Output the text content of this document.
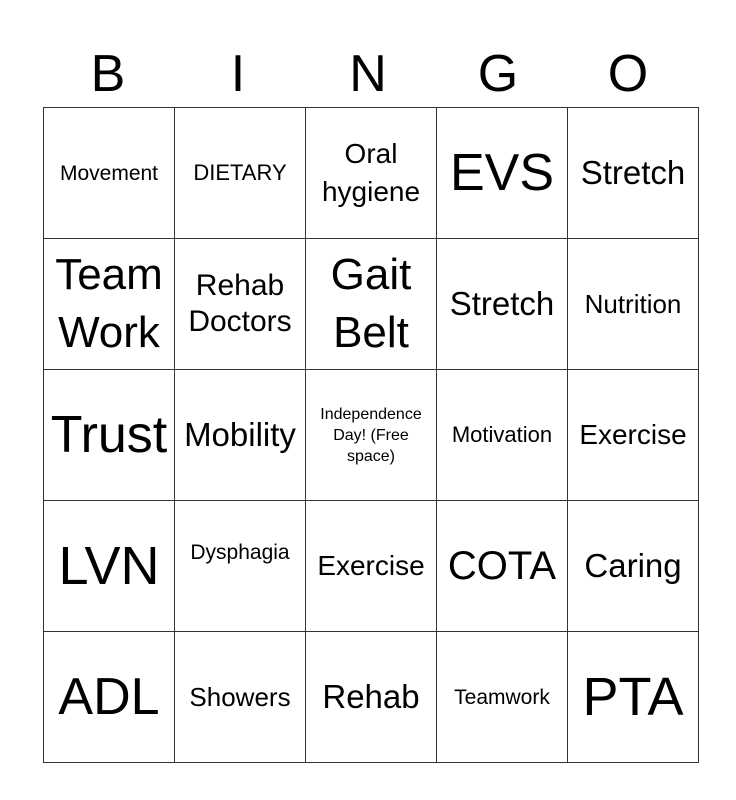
B	I	N	G	O
Movement	DIETARY	Oral hygiene	EVS	Stretch

Team Work	Rehab Doctors	Gait Belt	Stretch	Nutrition

Trust	Mobility	Independence Day! (Free space)	Motivation	Exercise

LVN	Dysphagia	Exercise	COTA	Caring

ADL	Showers	Rehab	Teamwork	PTA
